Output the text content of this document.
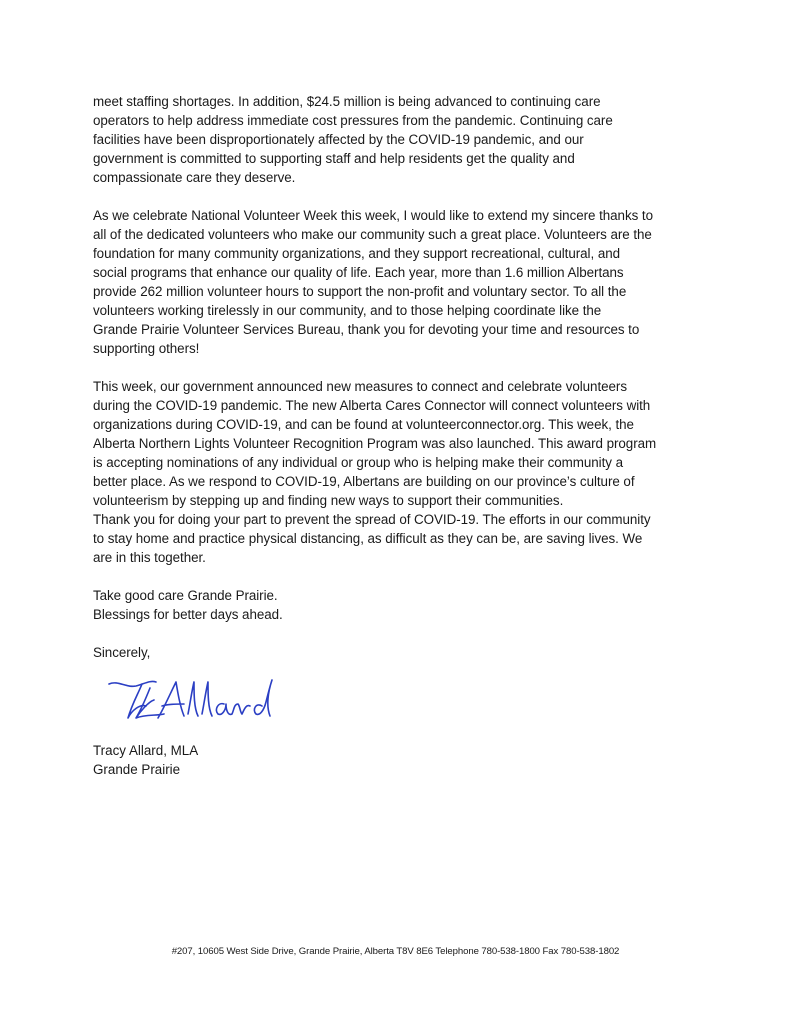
meet staffing shortages. In addition, $24.5 million is being advanced to continuing care
operators to help address immediate cost pressures from the pandemic. Continuing care
facilities have been disproportionately affected by the COVID-19 pandemic, and our
government is committed to supporting staff and help residents get the quality and
compassionate care they deserve.
As we celebrate National Volunteer Week this week, I would like to extend my sincere thanks to
all of the dedicated volunteers who make our community such a great place. Volunteers are the
foundation for many community organizations, and they support recreational, cultural, and
social programs that enhance our quality of life. Each year, more than 1.6 million Albertans
provide 262 million volunteer hours to support the non-profit and voluntary sector. To all the
volunteers working tirelessly in our community, and to those helping coordinate like the
Grande Prairie Volunteer Services Bureau, thank you for devoting your time and resources to
supporting others!
This week, our government announced new measures to connect and celebrate volunteers
during the COVID-19 pandemic. The new Alberta Cares Connector will connect volunteers with
organizations during COVID-19, and can be found at volunteerconnector.org. This week, the
Alberta Northern Lights Volunteer Recognition Program was also launched. This award program
is accepting nominations of any individual or group who is helping make their community a
better place. As we respond to COVID-19, Albertans are building on our province’s culture of
volunteerism by stepping up and finding new ways to support their communities.
Thank you for doing your part to prevent the spread of COVID-19. The efforts in our community
to stay home and practice physical distancing, as difficult as they can be, are saving lives. We
are in this together.
Take good care Grande Prairie.
Blessings for better days ahead.
Sincerely,
Tracy Allard, MLA
Grande Prairie
#207, 10605 West Side Drive, Grande Prairie, Alberta T8V 8E6 Telephone 780-538-1800 Fax 780-538-1802
